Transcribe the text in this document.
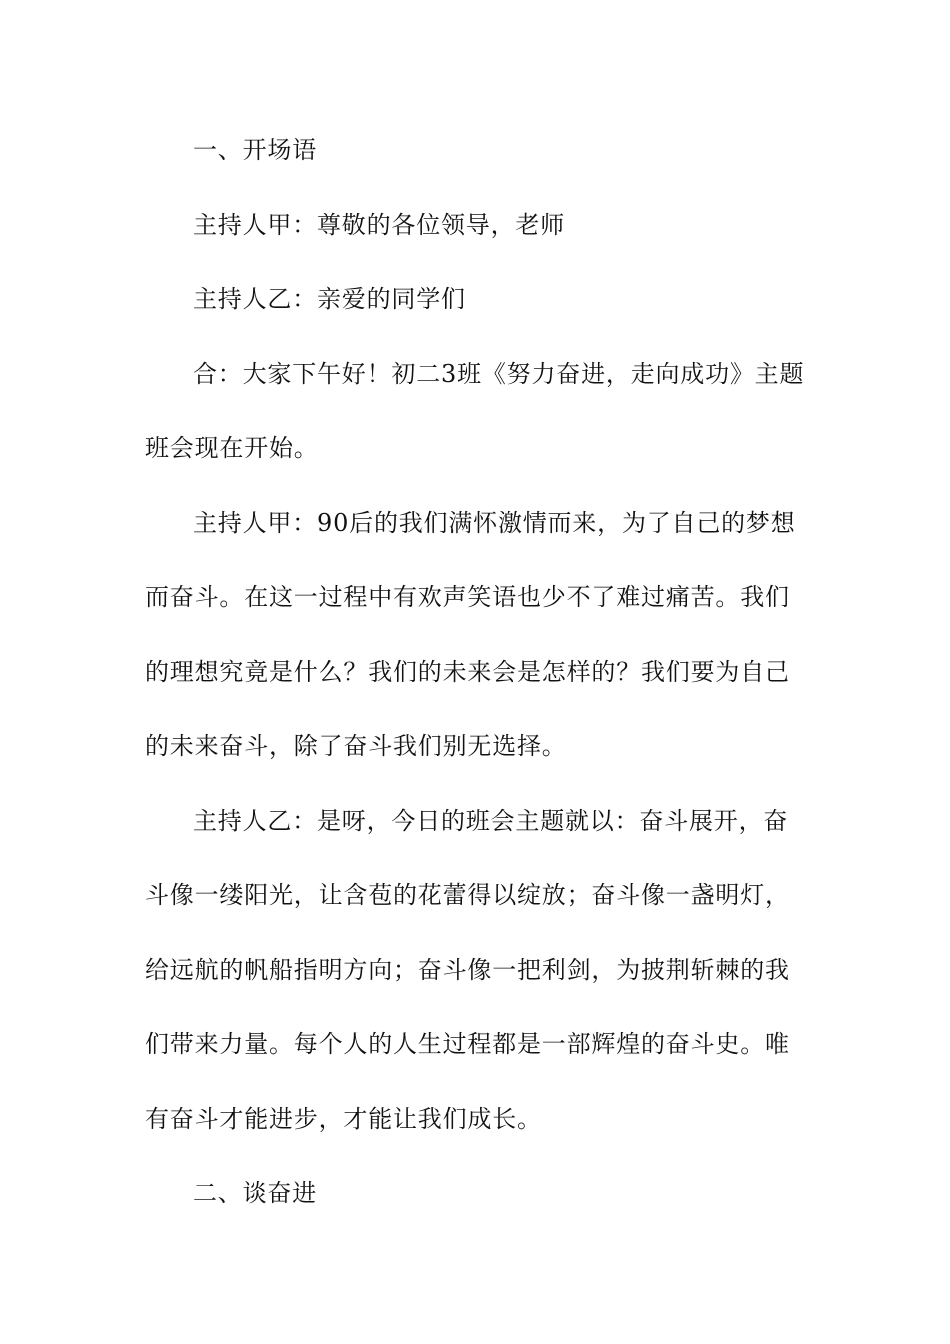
一、开场语

主持人甲：尊敬的各位领导，老师

主持人乙：亲爱的同学们

合：大家下午好！初二3班《努力奋进，走向成功》主题班会现在开始。

主持人甲：90后的我们满怀激情而来，为了自己的梦想而奋斗。在这一过程中有欢声笑语也少不了难过痛苦。我们的理想究竟是什么？我们的未来会是怎样的？我们要为自己的未来奋斗，除了奋斗我们别无选择。

主持人乙：是呀，今日的班会主题就以：奋斗展开，奋斗像一缕阳光，让含苞的花蕾得以绽放；奋斗像一盏明灯，给远航的帆船指明方向；奋斗像一把利剑，为披荆斩棘的我们带来力量。每个人的人生过程都是一部辉煌的奋斗史。唯有奋斗才能进步，才能让我们成长。

二、谈奋进
